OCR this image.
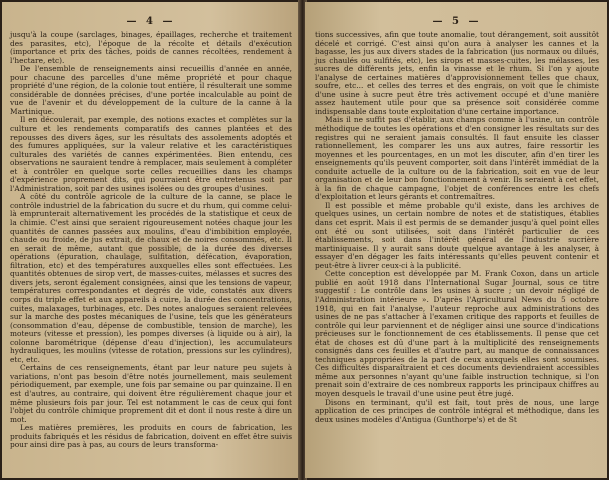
— 4 —

jusqu'à la coupe (sarclages, binages, épaillages, recherche et traitement des parasites, etc), l'époque de la récolte et détails d'exécution (importance et prix des tâches, poids de cannes récoltées, rendement à l'hectare, etc).

De l'ensemble de renseignements ainsi recueillis d'année en année, pour chacune des parcelles d'une même propriété et pour chaque propriété d'une région, de la colonie tout entière, il résulterait une somme considérable de données précises, d'une portée incalculable au point de vue de l'avenir et du développement de la culture de la canne à la Martinique.

Il en découlerait, par exemple, des notions exactes et complètes sur la culture et les rendements comparatifs des cannes plantées et des repousses des divers âges, sur les résultats des assolements adoptés et des fumures appliquées, sur la valeur relative et les caractéristiques culturales des variétés de cannes expérimentées. Bien entendu, ces observations ne sauraient tendre à remplacer, mais seulement à compléter et à contrôler en quelque sorte celles recueillies dans les champs d'expérience proprement dits, qui pourraient être entretenus soit par l'Administration, soit par des usines isolées ou des groupes d'usines.

A côté du contrôle agricole de la culture de la canne, se place le contrôle industriel de la fabrication du sucre et du rhum, qui comme celui-là emprunterait alternativement les procédés de la statistique et ceux de la chimie. C'est ainsi que seraient rigoureusement notées chaque jour les quantités de cannes passées aux moulins, d'eau d'imbibition employée, chaude ou froide, de jus extrait, de chaux et de noires consommés, etc. Il en serait de même, autant que possible, de la durée des diverses opérations (épuration, chaulage, sulfitation, défécation, évaporation, filtration, etc) et des températures auxquelles elles sont effectuées. Les quantités obtenues de sirop vert, de masses-cuites, mélasses et sucres des divers jets, seront également consignées, ainsi que les tensions de vapeur, températures correspondantes et degrés de vide, constatés aux divers corps du triple effet et aux appareils à cuire, la durée des concentrations, cuites, malaxages, turbinages, etc. Des notes analogues seraient relevées sur la marche des postes mécaniques de l'usine, tels que les générateurs (consommation d'eau, dépense de combustible, tension de marche), les moteurs (vitesse et pression), les pompes diverses (à liquide ou à air), la colonne barométrique (dépense d'eau d'injection), les accumulateurs hydrauliques, les moulins (vitesse de rotation, pressions sur les cylindres), etc, etc.

Certains de ces renseignements, étant par leur nature peu sujets à variations, n'ont pas besoin d'être notés journellement, mais seulement périodiquement, par exemple, une fois par semaine ou par quinzaine. Il en est d'autres, au contraire, qui doivent être régulièrement chaque jour et même plusieurs fois par jour. Tel est notamment le cas de ceux qui font l'objet du contrôle chimique proprement dit et dont il nous reste à dire un mot.

Les matières premières, les produits en cours de fabrication, les produits fabriqués et les résidus de fabrication, doivent en effet être suivis pour ainsi dire pas à pas, au cours de leurs transforma-

— 5 —

tions successives, afin que toute anomalie, tout dérangement, soit aussitôt décelé et corrigé. C'est ainsi qu'on aura à analyser les cannes et la bagasse, les jus aux divers stades de la fabrication (jus normaux ou dilués, jus chaulés ou sulfités, etc), les sirops et masses-cuites, les mélasses, les sucres de différents jets, enfin la vinasse et le rhum. Si l'on y ajoute l'analyse de certaines matières d'approvisionnement telles que chaux, soufre, etc... et celles des terres et des engrais, on voit que le chimiste d'une usine à sucre peut être très activement occupé et d'une manière assez hautement utile pour que sa présence soit considérée comme indispensable dans toute exploitation d'une certaine importance.

Mais il ne suffit pas d'établir, aux champs comme à l'usine, un contrôle méthodique de toutes les opérations et d'en consigner les résultats sur des registres qui ne seraient jamais consultés. Il faut ensuite les classer rationnellement, les comparer les uns aux autres, faire ressortir les moyennes et les pourcentages, en un mot les discuter, afin d'en tirer les enseignements qu'ils peuvent comporter, soit dans l'intérêt immédiat de la conduite actuelle de la culture ou de la fabrication, soit en vue de leur organisation et de leur bon fonctionnement à venir. Ils seraient à cet effet, à la fin de chaque campagne, l'objet de conférences entre les chefs d'exploitation et leurs gérants et contremaîtres.

Il est possible et même probable qu'il existe, dans les archives de quelques usines, un certain nombre de notes et de statistiques, établies dans cet esprit. Mais il est permis de se demander jusqu'à quel point elles ont été ou sont utilisées, soit dans l'intérêt particulier de ces établissements, soit dans l'intérêt général de l'industrie sucrière martiniquaise. Il y aurait sans doute quelque avantage à les analyser, à essayer d'en dégager les faits intéressants qu'elles peuvent contenir et peut-être à livrer ceux-ci à la publicité.

Cette conception est développée par M. Frank Coxon, dans un article publié en août 1918 dans l'International Sugar Journal, sous ce titre suggestif : Le contrôle dans les usines à sucre ; un devoir négligé de l'Administration intérieure ». D'après l'Agricultural News du 5 octobre 1918, qui en fait l'analyse, l'auteur reproche aux administrations des usines de ne pas s'attacher à l'examen critique des rapports et feuilles de contrôle qui leur parviennent et de négliger ainsi une source d'indications précieuses sur le fonctionnement de ces établissements. Il pense que cet état de choses est dû d'une part à la multiplicité des renseignements consignés dans ces feuilles et d'autre part, au manque de connaissances techniques appropriées de la part de ceux auxquels elles sont soumises. Ces difficultés disparaîtraient et ces documents deviendraient accessibles même aux personnes n'ayant qu'une faible instruction technique, si l'on prenait soin d'extraire de ces nombreux rapports les principaux chiffres au moyen desquels le travail d'une usine peut être jugé.

Disons en terminant, qu'il est fait, tout près de nous, une large application de ces principes de contrôle intégral et méthodique, dans les deux usines modèles d'Antigua (Gunthorpe's) et de St
